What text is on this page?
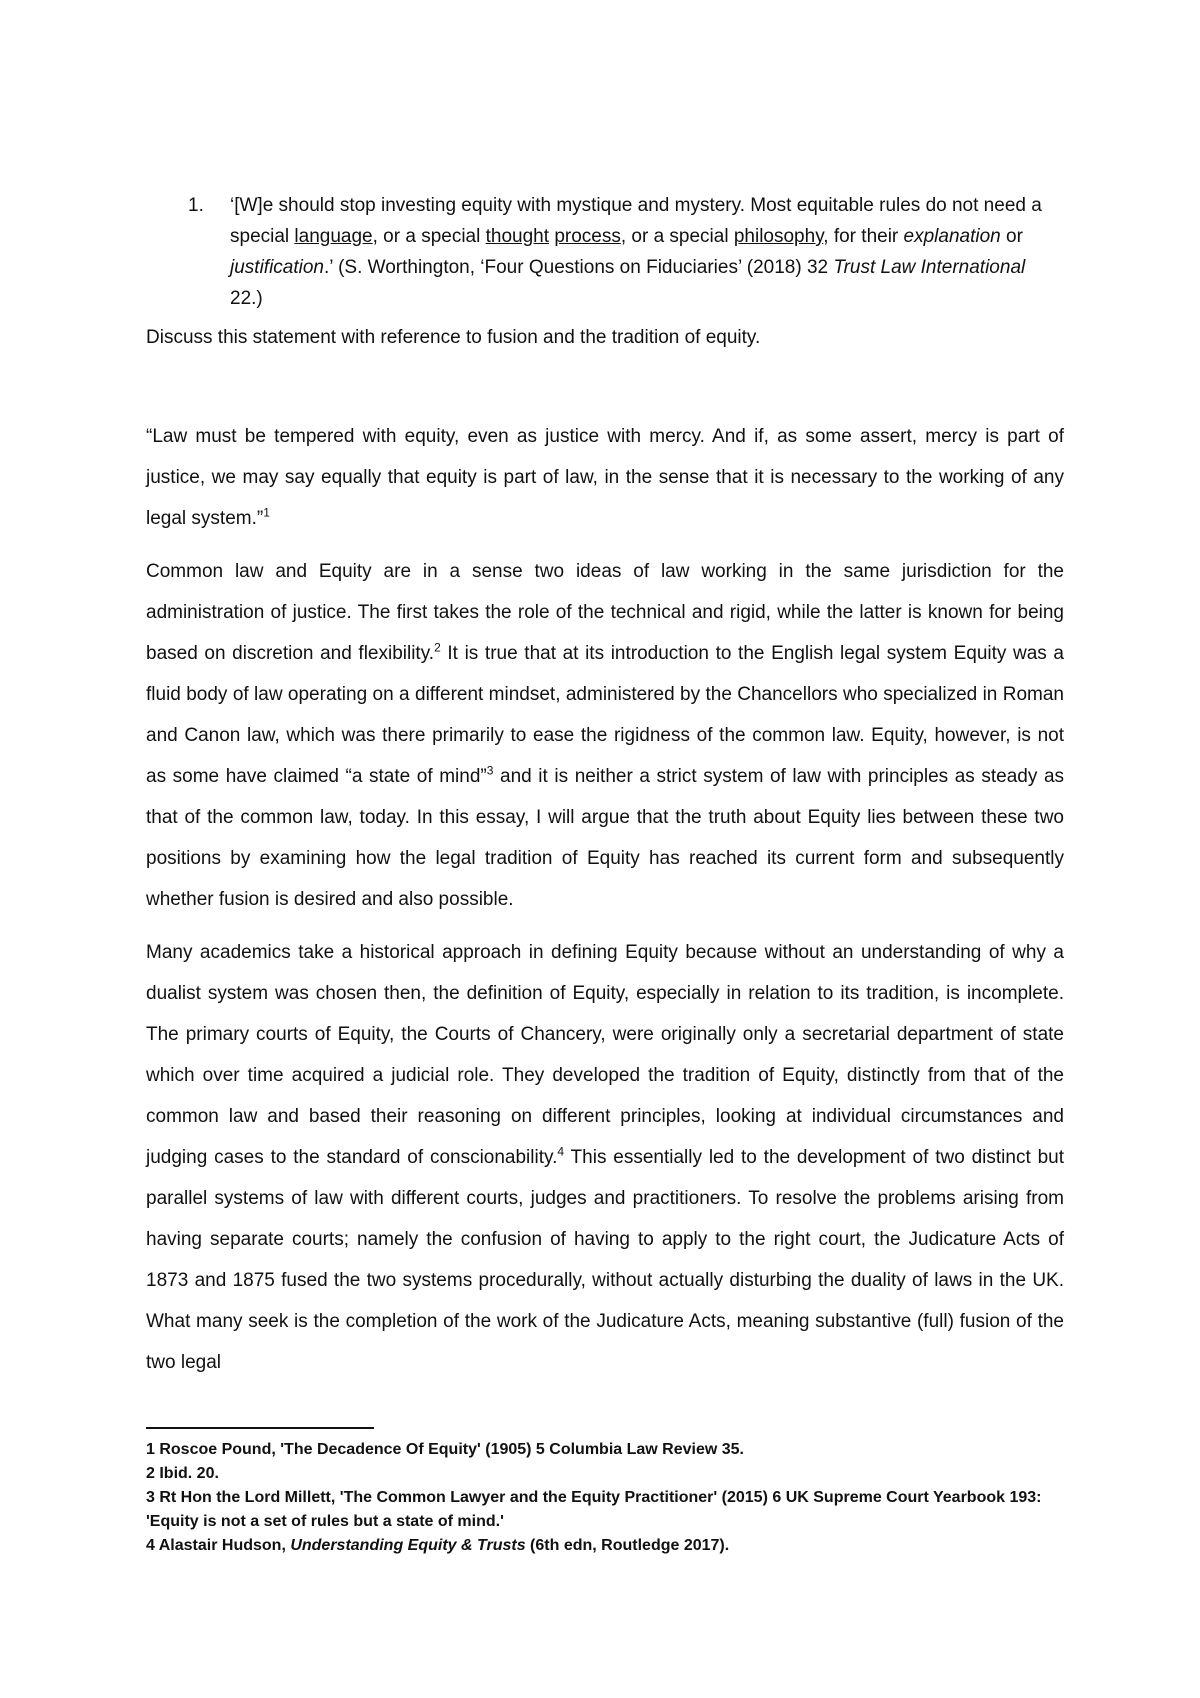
1.	‘[W]e should stop investing equity with mystique and mystery. Most equitable rules do not need a special language, or a special thought process, or a special philosophy, for their explanation or justification.’ (S. Worthington, ‘Four Questions on Fiduciaries’ (2018) 32 Trust Law International 22.)
Discuss this statement with reference to fusion and the tradition of equity.

“Law must be tempered with equity, even as justice with mercy. And if, as some assert, mercy is part of justice, we may say equally that equity is part of law, in the sense that it is necessary to the working of any legal system.”$^1$

Common law and Equity are in a sense two ideas of law working in the same jurisdiction for the administration of justice. The first takes the role of the technical and rigid, while the latter is known for being based on discretion and flexibility.$^2$ It is true that at its introduction to the English legal system Equity was a fluid body of law operating on a different mindset, administered by the Chancellors who specialized in Roman and Canon law, which was there primarily to ease the rigidness of the common law. Equity, however, is not as some have claimed “a state of mind”$^3$ and it is neither a strict system of law with principles as steady as that of the common law, today. In this essay, I will argue that the truth about Equity lies between these two positions by examining how the legal tradition of Equity has reached its current form and subsequently whether fusion is desired and also possible.

Many academics take a historical approach in defining Equity because without an understanding of why a dualist system was chosen then, the definition of Equity, especially in relation to its tradition, is incomplete. The primary courts of Equity, the Courts of Chancery, were originally only a secretarial department of state which over time acquired a judicial role. They developed the tradition of Equity, distinctly from that of the common law and based their reasoning on different principles, looking at individual circumstances and judging cases to the standard of conscionability.$^4$ This essentially led to the development of two distinct but parallel systems of law with different courts, judges and practitioners. To resolve the problems arising from having separate courts; namely the confusion of having to apply to the right court, the Judicature Acts of 1873 and 1875 fused the two systems procedurally, without actually disturbing the duality of laws in the UK. What many seek is the completion of the work of the Judicature Acts, meaning substantive (full) fusion of the two legal

1 Roscoe Pound, 'The Decadence Of Equity' (1905) 5 Columbia Law Review 35.

2 Ibid. 20.

3 Rt Hon the Lord Millett, 'The Common Lawyer and the Equity Practitioner' (2015) 6 UK Supreme Court Yearbook 193: 'Equity is not a set of rules but a state of mind.'

4 Alastair Hudson, Understanding Equity & Trusts (6th edn, Routledge 2017).
